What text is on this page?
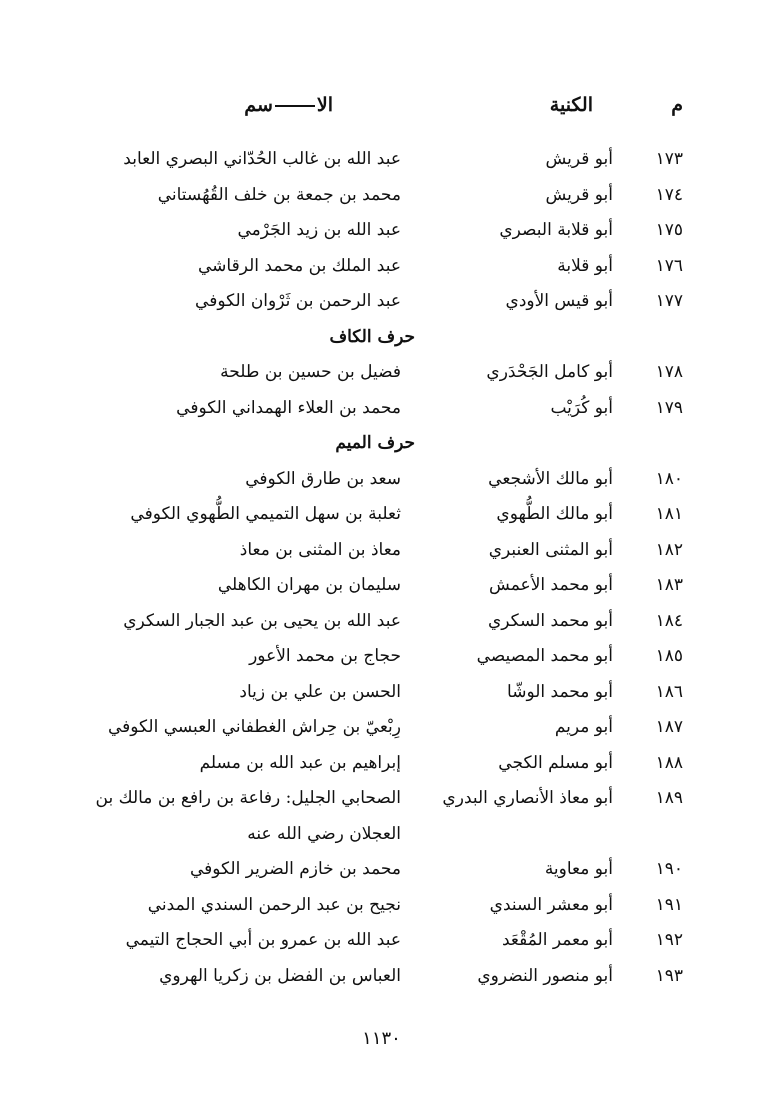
م
الكنية
الاسم
١٧٣
أبو قريش
عبد الله بن غالب الحُدّاني البصري العابد
١٧٤
أبو قريش
محمد بن جمعة بن خلف القُهُستاني
١٧٥
أبو قلابة البصري
عبد الله بن زيد الجَرْمي
١٧٦
أبو قلابة
عبد الملك بن محمد الرقاشي
١٧٧
أبو قيس الأودي
عبد الرحمن بن ثَرْوان الكوفي
حرف الكاف
١٧٨
أبو كامل الجَحْدَري
فضيل بن حسين بن طلحة
١٧٩
أبو كُرَيْب
محمد بن العلاء الهمداني الكوفي
حرف الميم
١٨٠
أبو مالك الأشجعي
سعد بن طارق الكوفي
١٨١
أبو مالك الطُّهوي
ثعلبة بن سهل التميمي الطُّهوي الكوفي
١٨٢
أبو المثنى العنبري
معاذ بن المثنى بن معاذ
١٨٣
أبو محمد الأعمش
سليمان بن مهران الكاهلي
١٨٤
أبو محمد السكري
عبد الله بن يحيى بن عبد الجبار السكري
١٨٥
أبو محمد المصيصي
حجاج بن محمد الأعور
١٨٦
أبو محمد الوشّا
الحسن بن علي بن زياد
١٨٧
أبو مريم
رِبْعيّ بن حِراش الغطفاني العبسي الكوفي
١٨٨
أبو مسلم الكجي
إبراهيم بن عبد الله بن مسلم
١٨٩
أبو معاذ الأنصاري البدري
الصحابي الجليل: رفاعة بن رافع بن مالك بن العجلان رضي الله عنه
١٩٠
أبو معاوية
محمد بن خازم الضرير الكوفي
١٩١
أبو معشر السندي
نجيح بن عبد الرحمن السندي المدني
١٩٢
أبو معمر المُقْعَد
عبد الله بن عمرو بن أبي الحجاج التيمي
١٩٣
أبو منصور النضروي
العباس بن الفضل بن زكريا الهروي
١١٣٠
